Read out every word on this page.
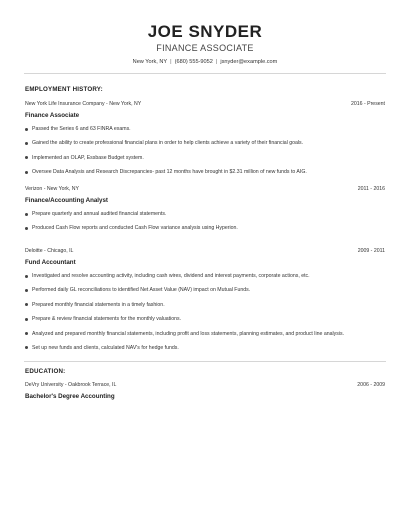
JOE SNYDER
FINANCE ASSOCIATE
New York, NY | (680) 555-9052 | jsnyder@example.com
EMPLOYMENT HISTORY:
New York Life Insurance Company - New York, NY	2016 - Present
Finance Associate
Passed the Series 6 and 63 FINRA exams.
Gained the ability to create professional financial plans in order to help clients achieve a variety of their financial goals.
Implemented an OLAP, Essbase Budget system.
Oversee Data Analysis and Research Discrepancies- past 12 months have brought in $2.31 million of new funds to AIG.
Verizon - New York, NY	2011 - 2016
Finance/Accounting Analyst
Prepare quarterly and annual audited financial statements.
Produced Cash Flow reports and conducted Cash Flow variance analysis using Hyperion.
Deloitte - Chicago, IL	2009 - 2011
Fund Accountant
Investigated and resolve accounting activity, including cash wires, dividend and interest payments, corporate actions, etc.
Performed daily GL reconciliations to identified Net Asset Value (NAV) impact on Mutual Funds.
Prepared monthly financial statements in a timely fashion.
Prepare & review financial statements for the monthly valuations.
Analyzed and prepared monthly financial statements, including profit and loss statements, planning estimates, and product line analysis.
Set up new funds and clients, calculated NAV's for hedge funds.
EDUCATION:
DeVry University - Oakbrook Terrace, IL	2006 - 2009
Bachelor's Degree Accounting
